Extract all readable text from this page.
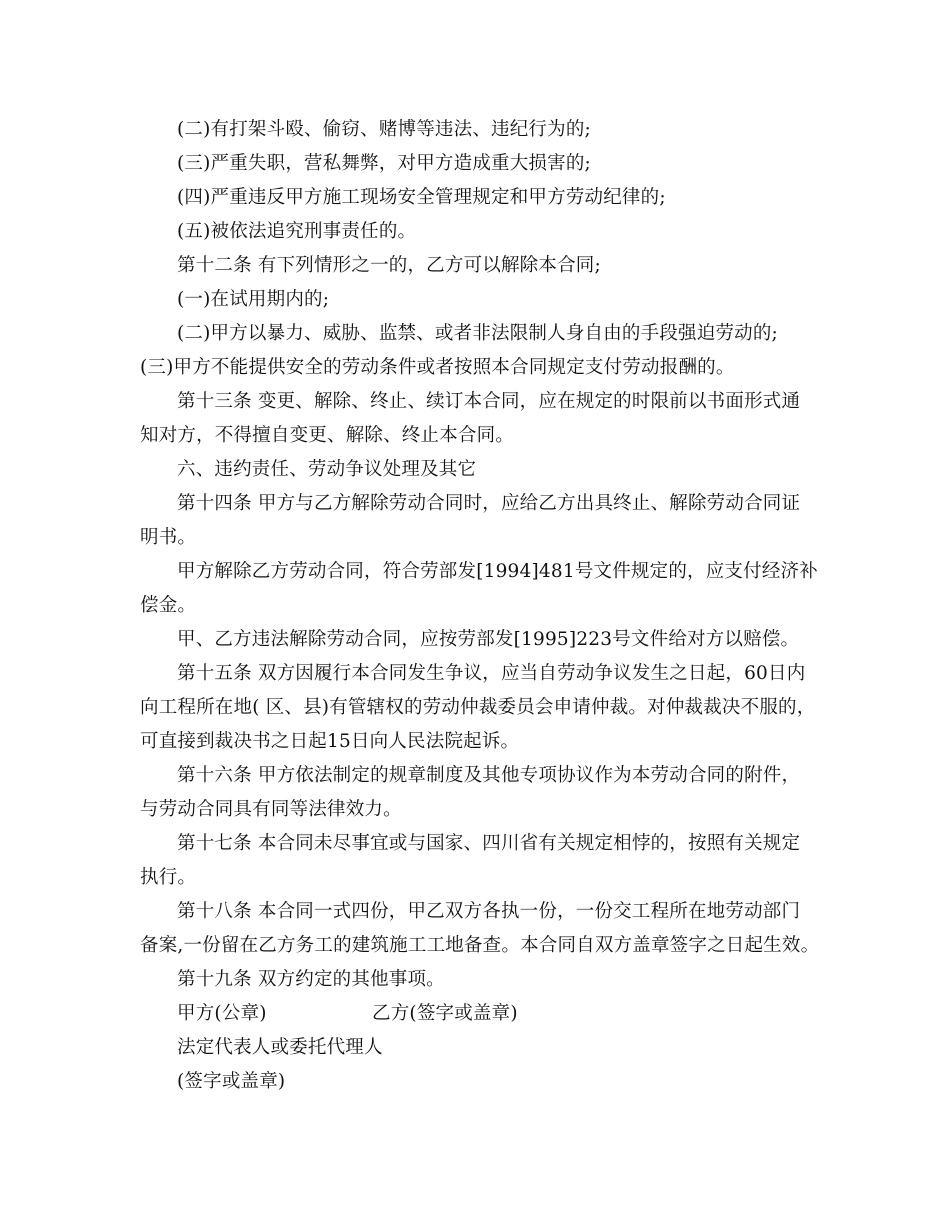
(二)有打架斗殴、偷窃、赌博等违法、违纪行为的;

(三)严重失职，营私舞弊，对甲方造成重大损害的;

(四)严重违反甲方施工现场安全管理规定和甲方劳动纪律的;

(五)被依法追究刑事责任的。

第十二条 有下列情形之一的，乙方可以解除本合同;

(一)在试用期内的;

(二)甲方以暴力、威胁、监禁、或者非法限制人身自由的手段强迫劳动的;

(三)甲方不能提供安全的劳动条件或者按照本合同规定支付劳动报酬的。

第十三条 变更、解除、终止、续订本合同，应在规定的时限前以书面形式通

知对方，不得擅自变更、解除、终止本合同。

六、违约责任、劳动争议处理及其它

第十四条 甲方与乙方解除劳动合同时，应给乙方出具终止、解除劳动合同证

明书。

甲方解除乙方劳动合同，符合劳部发[1994]481号文件规定的，应支付经济补

偿金。

甲、乙方违法解除劳动合同，应按劳部发[1995]223号文件给对方以赔偿。

第十五条 双方因履行本合同发生争议，应当自劳动争议发生之日起，60日内

向工程所在地( 区、县)有管辖权的劳动仲裁委员会申请仲裁。对仲裁裁决不服的，

可直接到裁决书之日起15日向人民法院起诉。

第十六条 甲方依法制定的规章制度及其他专项协议作为本劳动合同的附件，

与劳动合同具有同等法律效力。

第十七条 本合同未尽事宜或与国家、四川省有关规定相悖的，按照有关规定

执行。

第十八条 本合同一式四份，甲乙双方各执一份，一份交工程所在地劳动部门

备案,一份留在乙方务工的建筑施工工地备查。本合同自双方盖章签字之日起生效。

第十九条 双方约定的其他事项。

甲方(公章)	乙方(签字或盖章)

法定代表人或委托代理人

(签字或盖章)
